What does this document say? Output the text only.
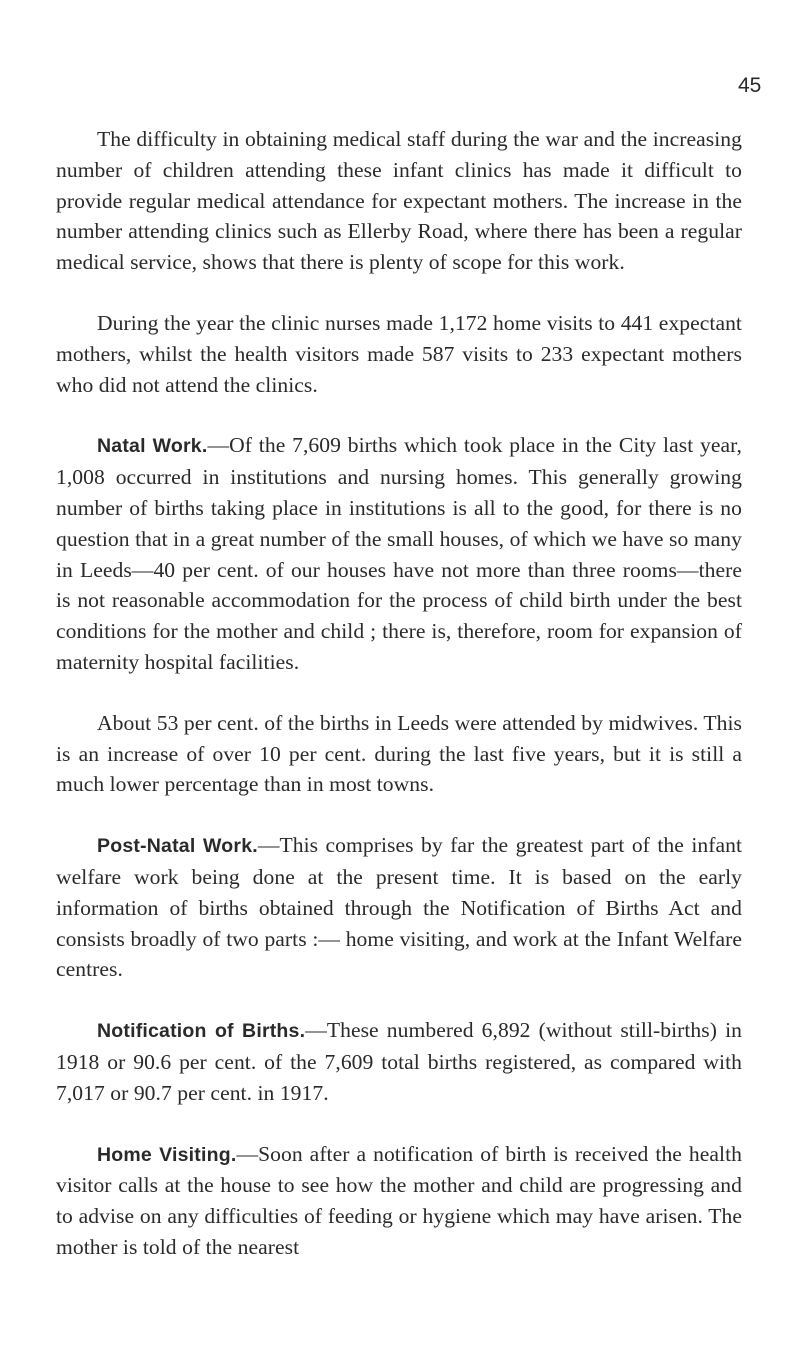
45

The difficulty in obtaining medical staff during the war and the increasing number of children attending these infant clinics has made it difficult to provide regular medical attendance for expectant mothers. The increase in the number attending clinics such as Ellerby Road, where there has been a regular medical service, shows that there is plenty of scope for this work.

During the year the clinic nurses made 1,172 home visits to 441 expectant mothers, whilst the health visitors made 587 visits to 233 expectant mothers who did not attend the clinics.

Natal Work.—Of the 7,609 births which took place in the City last year, 1,008 occurred in institutions and nursing homes. This generally growing number of births taking place in institutions is all to the good, for there is no question that in a great number of the small houses, of which we have so many in Leeds—40 per cent. of our houses have not more than three rooms—there is not reasonable accommodation for the process of child birth under the best conditions for the mother and child ; there is, therefore, room for expansion of maternity hospital facilities.

About 53 per cent. of the births in Leeds were attended by midwives. This is an increase of over 10 per cent. during the last five years, but it is still a much lower percentage than in most towns.

Post-Natal Work.—This comprises by far the greatest part of the infant welfare work being done at the present time. It is based on the early information of births obtained through the Notification of Births Act and consists broadly of two parts :— home visiting, and work at the Infant Welfare centres.

Notification of Births.—These numbered 6,892 (without still-births) in 1918 or 90.6 per cent. of the 7,609 total births registered, as compared with 7,017 or 90.7 per cent. in 1917.

Home Visiting.—Soon after a notification of birth is received the health visitor calls at the house to see how the mother and child are progressing and to advise on any difficulties of feeding or hygiene which may have arisen. The mother is told of the nearest
